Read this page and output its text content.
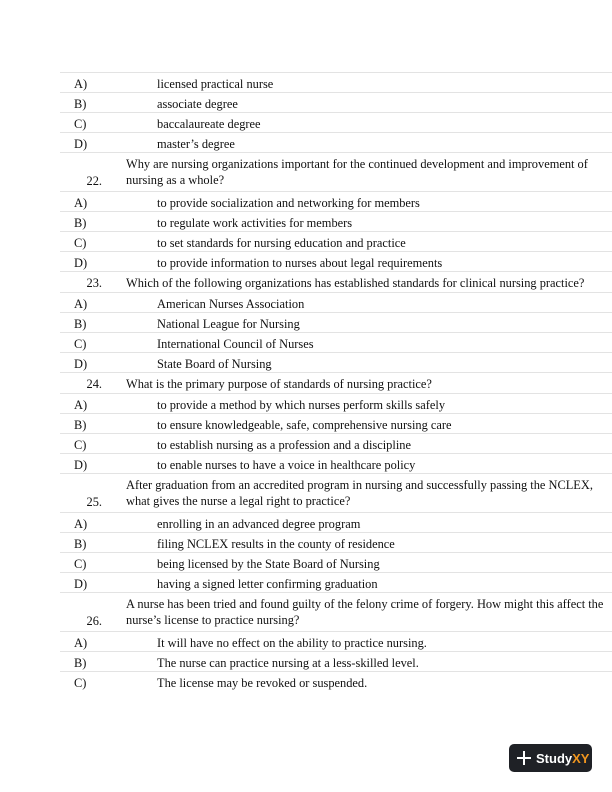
A)	licensed practical nurse
B)	associate degree
C)	baccalaureate degree
D)	master’s degree
22.
Why are nursing organizations important for the continued development and improvement of
nursing as a whole?
A)	to provide socialization and networking for members
B)	to regulate work activities for members
C)	to set standards for nursing education and practice
D)	to provide information to nurses about legal requirements
23. Which of the following organizations has established standards for clinical nursing practice?
A)	American Nurses Association
B)	National League for Nursing
C)	International Council of Nurses
D)	State Board of Nursing
24. What is the primary purpose of standards of nursing practice?
A)	to provide a method by which nurses perform skills safely
B)	to ensure knowledgeable, safe, comprehensive nursing care
C)	to establish nursing as a profession and a discipline
D)	to enable nurses to have a voice in healthcare policy
25.
After graduation from an accredited program in nursing and successfully passing the NCLEX,
what gives the nurse a legal right to practice?
A)	enrolling in an advanced degree program
B)	filing NCLEX results in the county of residence
C)	being licensed by the State Board of Nursing
D)	having a signed letter confirming graduation
26.
A nurse has been tried and found guilty of the felony crime of forgery. How might this affect the
nurse’s license to practice nursing?
A)	It will have no effect on the ability to practice nursing.
B)	The nurse can practice nursing at a less-skilled level.
C)	The license may be revoked or suspended.
Study XY
